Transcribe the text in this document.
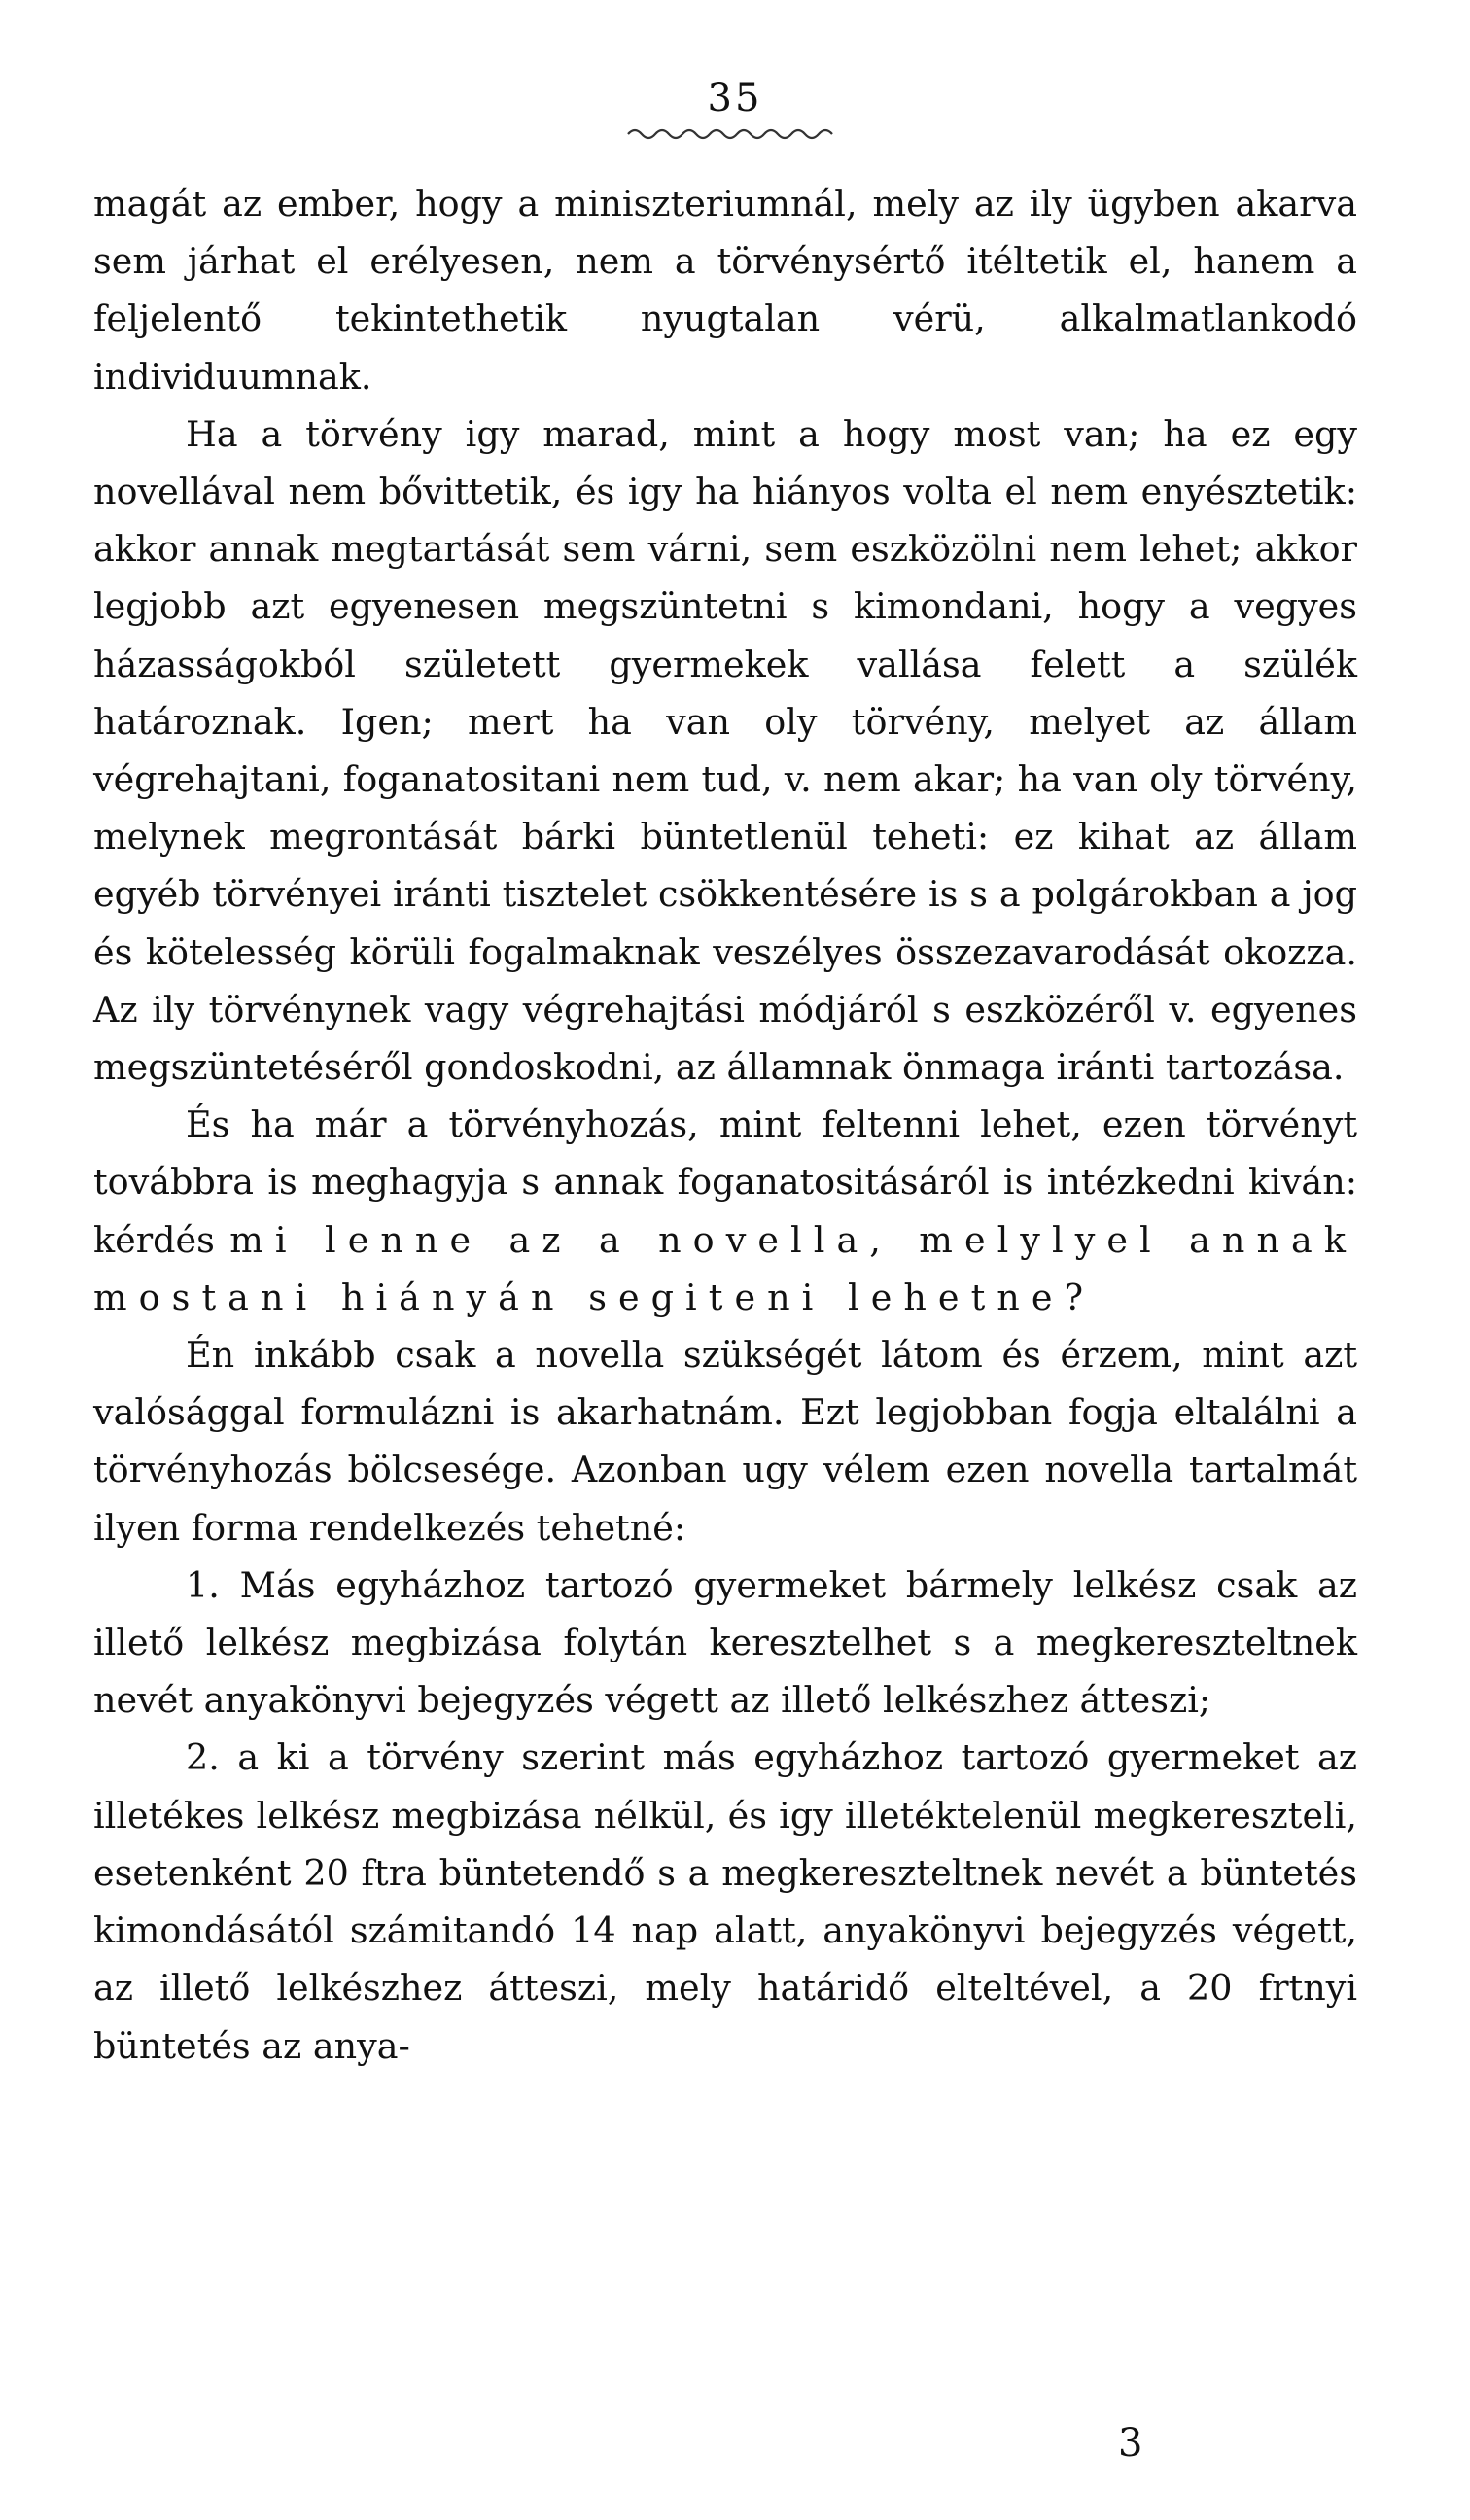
35

magát az ember, hogy a miniszteriumnál, mely az ily ügyben akarva sem járhat el erélyesen, nem a törvénysértő itéltetik el, hanem a feljelentő tekintethetik nyugtalan vérü, alkalmatlankodó individuumnak.

Ha a törvény igy marad, mint a hogy most van; ha ez egy novellával nem bővittetik, és igy ha hiányos volta el nem enyésztetik: akkor annak megtartását sem várni, sem eszközölni nem lehet; akkor legjobb azt egyenesen megszüntetni s kimondani, hogy a vegyes házasságokból született gyermekek vallása felett a szülék határoznak. Igen; mert ha van oly törvény, melyet az állam végrehajtani, foganatositani nem tud, v. nem akar; ha van oly törvény, melynek megrontását bárki büntetlenül teheti: ez kihat az állam egyéb törvényei iránti tisztelet csökkentésére is s a polgárokban a jog és kötelesség körüli fogalmaknak veszélyes összezavarodását okozza. Az ily törvénynek vagy végrehajtási módjáról s eszközéről v. egyenes megszüntetéséről gondoskodni, az államnak önmaga iránti tartozása.

És ha már a törvényhozás, mint feltenni lehet, ezen törvényt továbbra is meghagyja s annak foganatositásáról is intézkedni kiván: kérdés mi lenne az a novella, melylyel annak mostani hiányán segiteni lehetne?

Én inkább csak a novella szükségét látom és érzem, mint azt valósággal formulázni is akarhatnám. Ezt legjobban fogja eltalálni a törvényhozás bölcsesége. Azonban ugy vélem ezen novella tartalmát ilyen forma rendelkezés tehetné:

1. Más egyházhoz tartozó gyermeket bármely lelkész csak az illető lelkész megbizása folytán keresztelhet s a megkereszteltnek nevét anyakönyvi bejegyzés végett az illető lelkészhez átteszi;

2. a ki a törvény szerint más egyházhoz tartozó gyermeket az illetékes lelkész megbizása nélkül, és igy illetéktelenül megkereszteli, esetenként 20 ftra büntetendő s a megkereszteltnek nevét a büntetés kimondásától számitandó 14 nap alatt, anyakönyvi bejegyzés végett, az illető lelkészhez átteszi, mely határidő elteltével, a 20 frtnyi büntetés az anya-

3
